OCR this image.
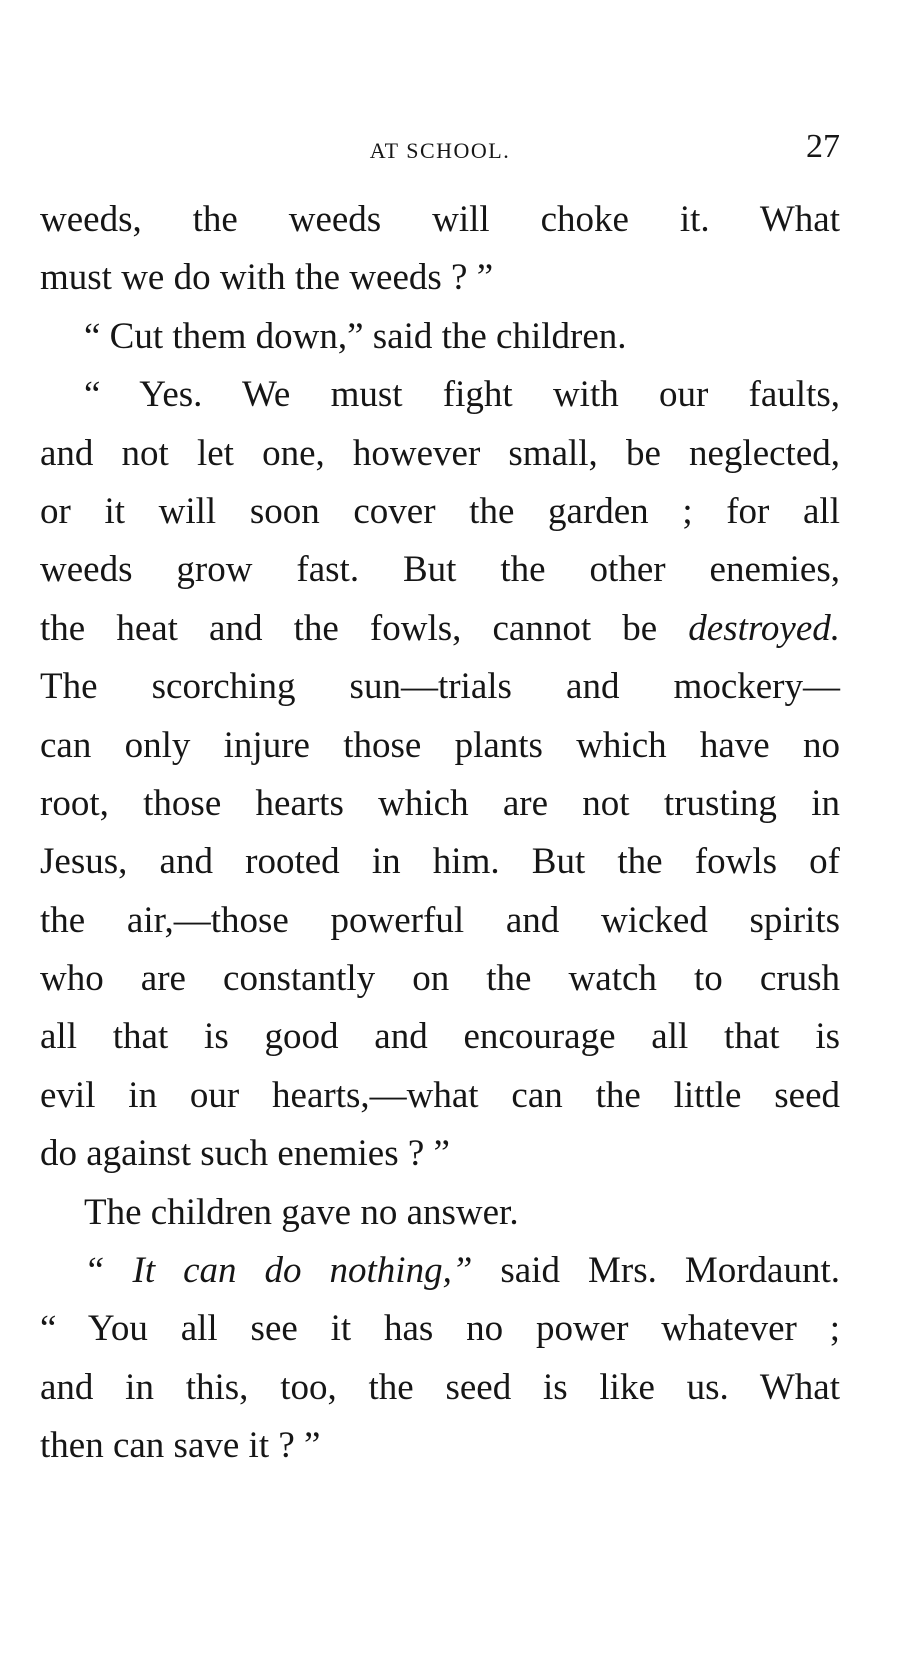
AT SCHOOL.	27
weeds, the weeds will choke it. What
must we do with the weeds ? ”
“ Cut them down,” said the children.
“ Yes. We must fight with our faults,
and not let one, however small, be neglected,
or it will soon cover the garden ; for all
weeds grow fast. But the other enemies,
the heat and the fowls, cannot be destroyed.
The scorching sun—trials and mockery—
can only injure those plants which have no
root, those hearts which are not trusting in
Jesus, and rooted in him. But the fowls of
the air,—those powerful and wicked spirits
who are constantly on the watch to crush
all that is good and encourage all that is
evil in our hearts,—what can the little seed
do against such enemies ? ”
The children gave no answer.
“ It can do nothing,” said Mrs. Mordaunt.
“ You all see it has no power whatever ;
and in this, too, the seed is like us. What
then can save it ? ”
